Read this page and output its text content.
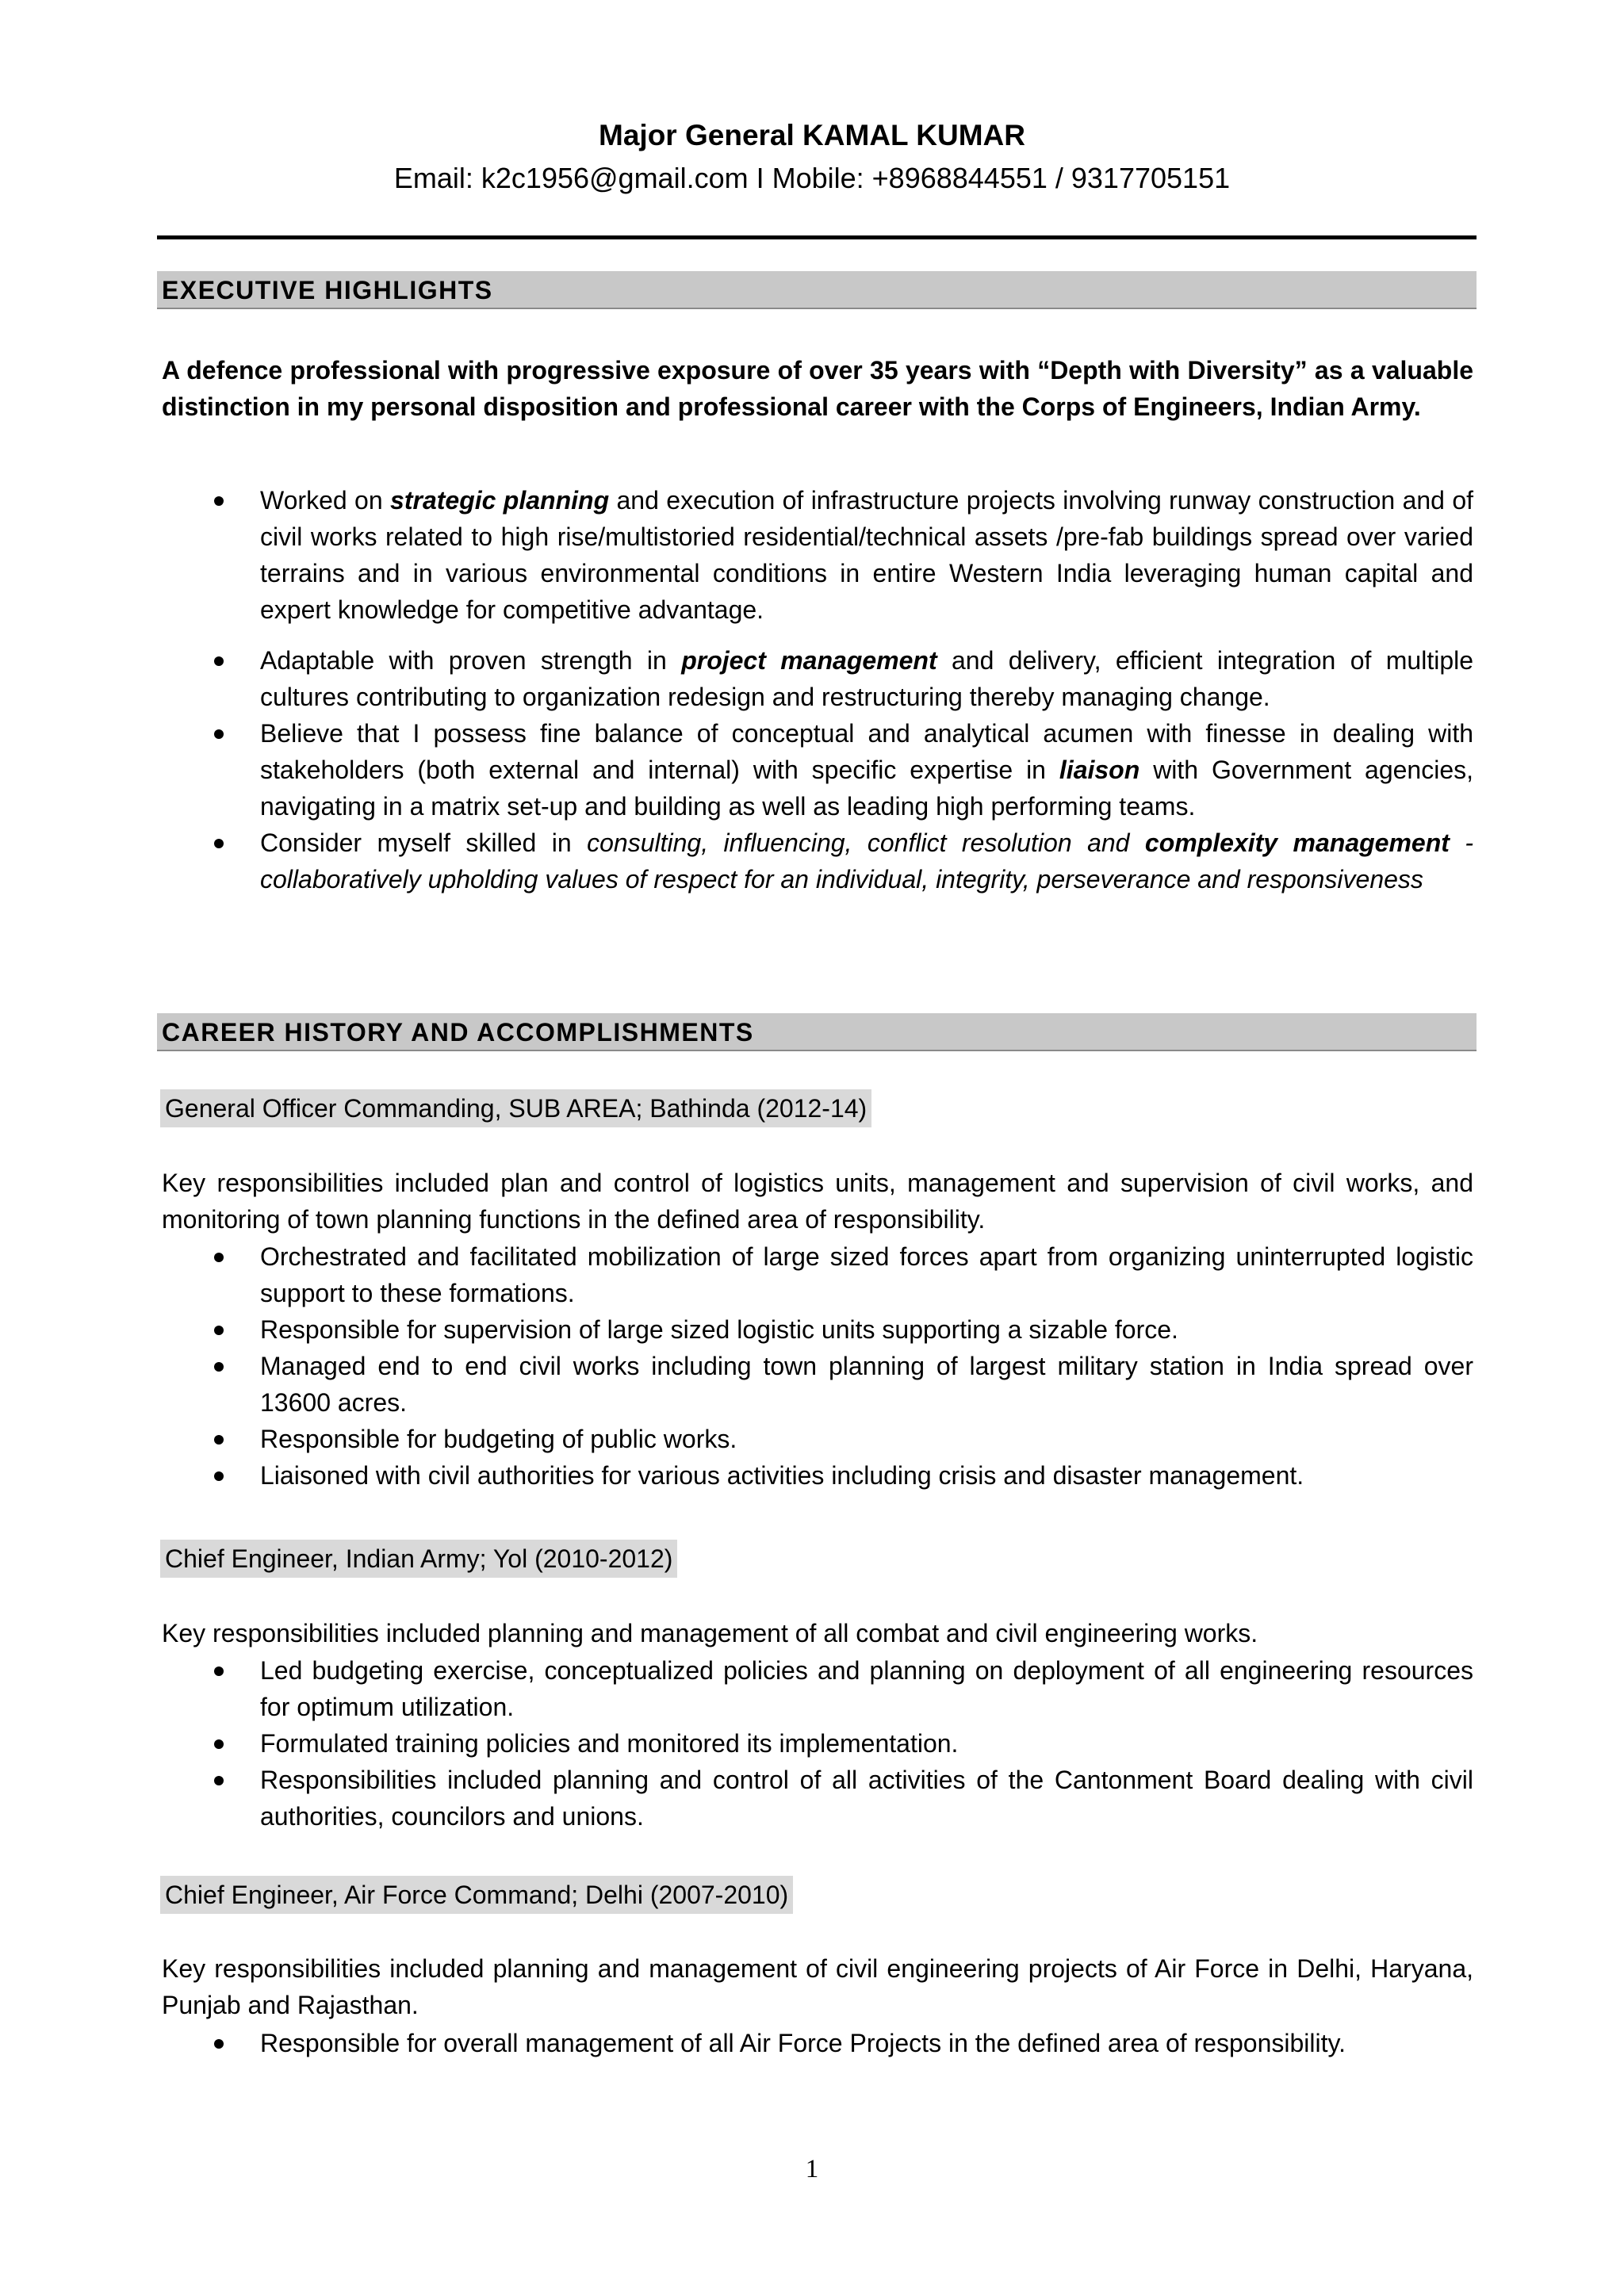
Major General KAMAL KUMAR
Email: k2c1956@gmail.com I Mobile: +8968844551 / 9317705151
EXECUTIVE HIGHLIGHTS
A defence professional with progressive exposure of over 35 years with “Depth with Diversity” as a valuable distinction in my personal disposition and professional career with the Corps of Engineers, Indian Army.
Worked on strategic planning and execution of infrastructure projects involving runway construction and of civil works related to high rise/multistoried residential/technical assets /pre-fab buildings spread over varied terrains and in various environmental conditions in entire Western India leveraging human capital and expert knowledge for competitive advantage.
Adaptable with proven strength in project management and delivery, efficient integration of multiple cultures contributing to organization redesign and restructuring thereby managing change.
Believe that I possess fine balance of conceptual and analytical acumen with finesse in dealing with stakeholders (both external and internal) with specific expertise in liaison with Government agencies, navigating in a matrix set-up and building as well as leading high performing teams.
Consider myself skilled in consulting, influencing, conflict resolution and complexity management - collaboratively upholding values of respect for an individual, integrity, perseverance and responsiveness
CAREER HISTORY AND ACCOMPLISHMENTS
General Officer Commanding, SUB AREA; Bathinda (2012-14)
Key responsibilities included plan and control of logistics units, management and supervision of civil works, and monitoring of town planning functions in the defined area of responsibility.
Orchestrated and facilitated mobilization of large sized forces apart from organizing uninterrupted logistic support to these formations.
Responsible for supervision of large sized logistic units supporting a sizable force.
Managed end to end civil works including town planning of largest military station in India spread over 13600 acres.
Responsible for budgeting of public works.
Liaisoned with civil authorities for various activities including crisis and disaster management.
Chief Engineer, Indian Army; Yol (2010-2012)
Key responsibilities included planning and management of all combat and civil engineering works.
Led budgeting exercise, conceptualized policies and planning on deployment of all engineering resources for optimum utilization.
Formulated training policies and monitored its implementation.
Responsibilities included planning and control of all activities of the Cantonment Board dealing with civil authorities, councilors and unions.
Chief Engineer, Air Force Command; Delhi (2007-2010)
Key responsibilities included planning and management of civil engineering projects of Air Force in Delhi, Haryana, Punjab and Rajasthan.
Responsible for overall management of all Air Force Projects in the defined area of responsibility.
1
